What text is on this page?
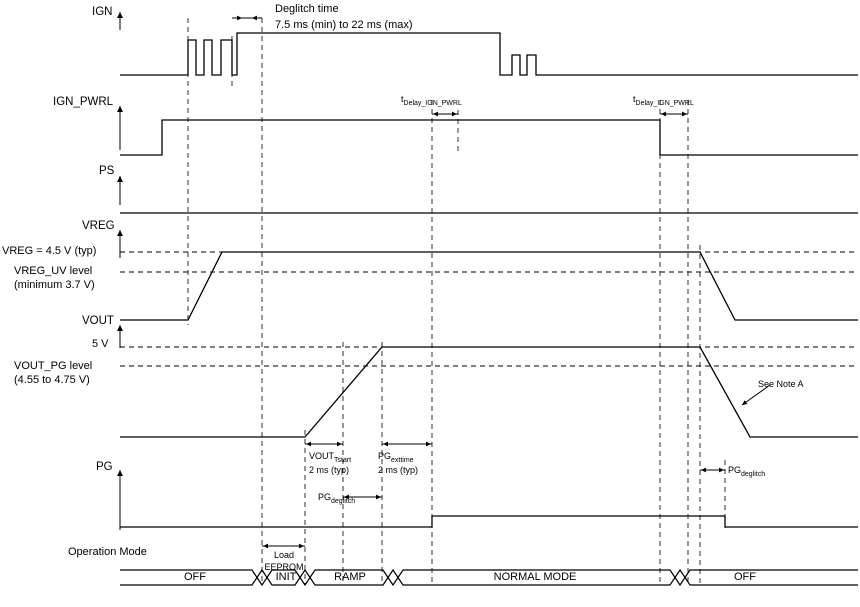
IGN
IGN_PWRL
PS
VREG
VOUT
PG
Deglitch time
7.5 ms (min) to 22 ms (max)
$t_{Delay\_IGN\_PWRL}$	$t_{Delay\_IGN\_PWRL}$
VREG = 4.5 V (typ)
VREG_UV level
(minimum 3.7 V)
5 V
VOUT_PG level
(4.55 to 4.75 V)	See Note A
$VOUT_{Tstart}$
2 ms (typ)
$PG_{exttime}$
2 ms (typ)
$PG_{deglitch}$
$PG_{deglitch}$
Operation Mode	Load
EEPROM
OFF	INIT	RAMP	NORMAL MODE	OFF
